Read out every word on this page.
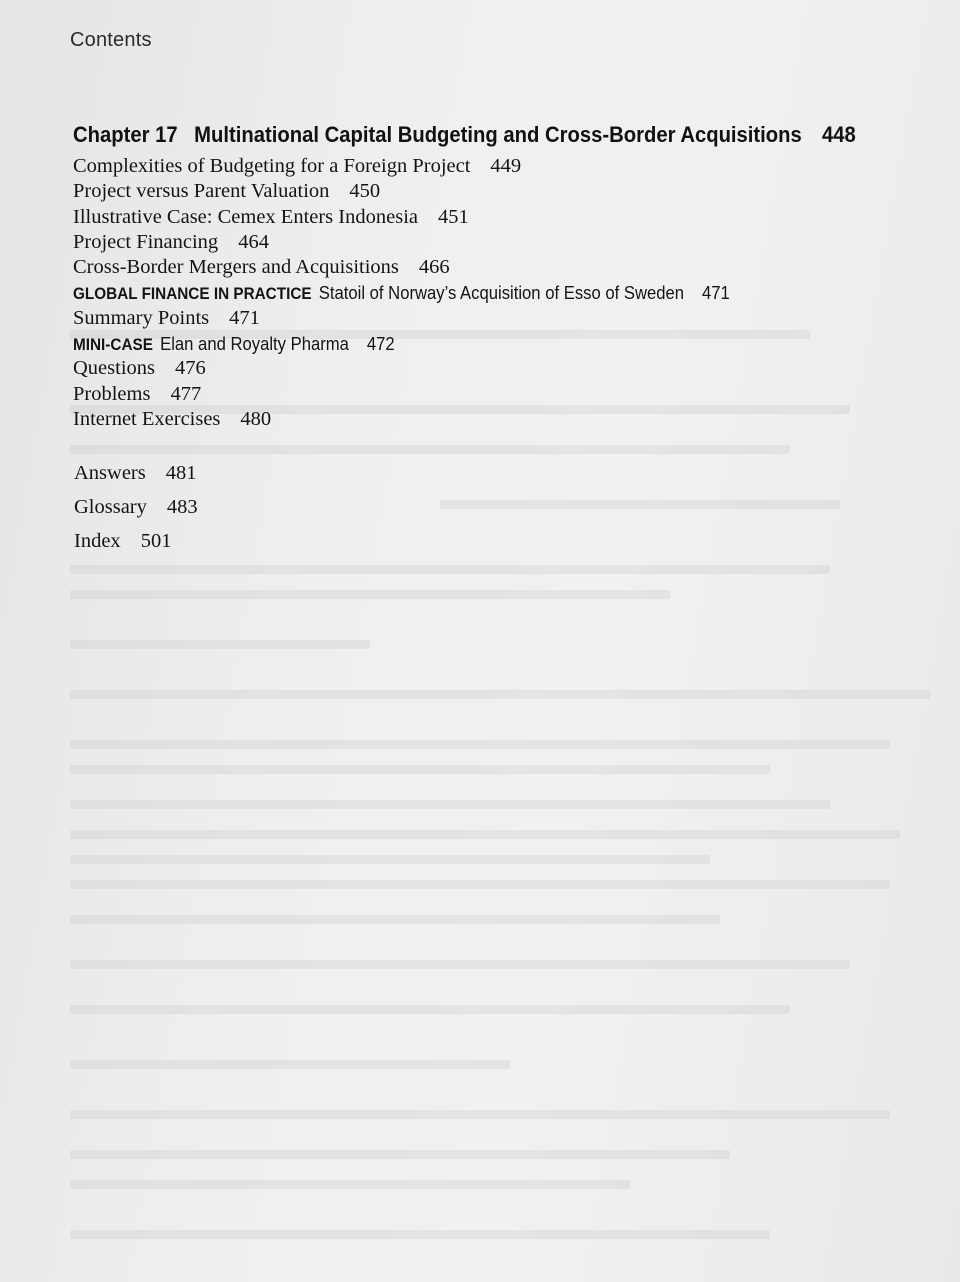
Contents
Chapter 17 Multinational Capital Budgeting and Cross-Border Acquisitions 448
Complexities of Budgeting for a Foreign Project 449
Project versus Parent Valuation 450
Illustrative Case: Cemex Enters Indonesia 451
Project Financing 464
Cross-Border Mergers and Acquisitions 466
GLOBAL FINANCE IN PRACTICE Statoil of Norway’s Acquisition of Esso of Sweden 471
Summary Points 471
MINI-CASE Elan and Royalty Pharma 472
Questions 476
Problems 477
Internet Exercises 480
Answers 481
Glossary 483
Index 501
